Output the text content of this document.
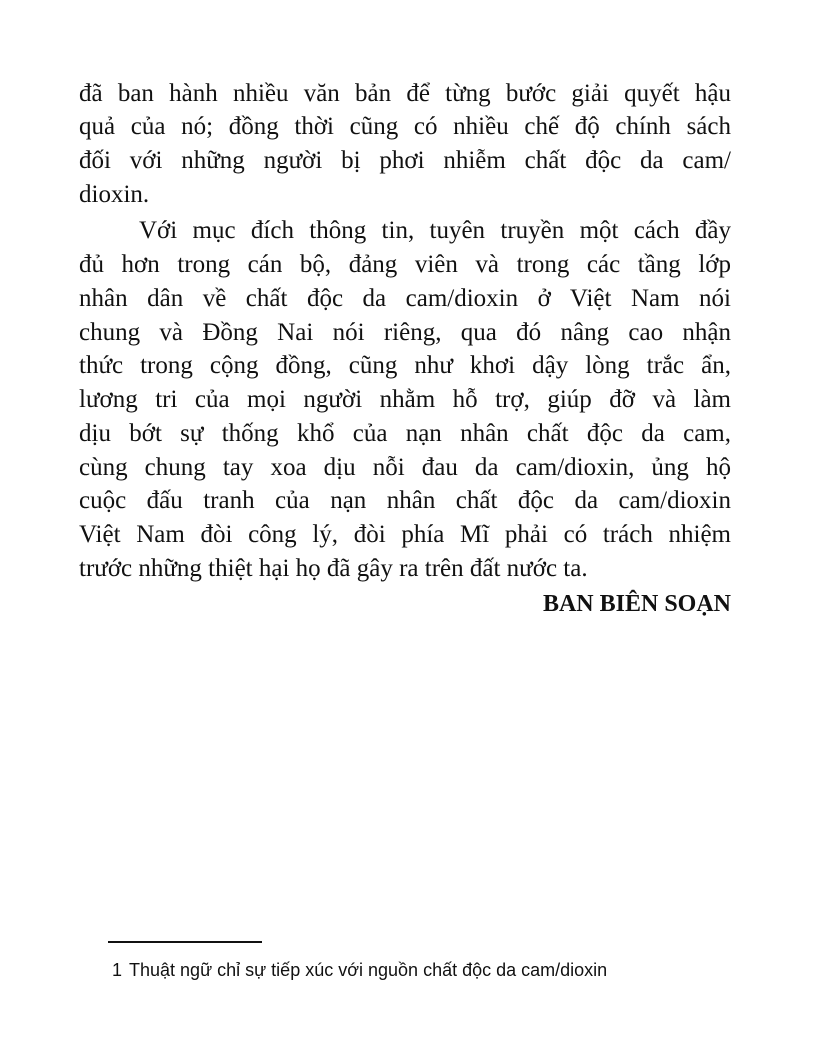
đã ban hành nhiều văn bản để từng bước giải quyết hậu
quả của nó; đồng thời cũng có nhiều chế độ chính sách
đối với những người bị phơi nhiễm chất độc da cam/
dioxin.
Với mục đích thông tin, tuyên truyền một cách đầy
đủ hơn trong cán bộ, đảng viên và trong các tầng lớp
nhân dân về chất độc da cam/dioxin ở Việt Nam nói
chung và Đồng Nai nói riêng, qua đó nâng cao nhận
thức trong cộng đồng, cũng như khơi dậy lòng trắc ẩn,
lương tri của mọi người nhằm hỗ trợ, giúp đỡ và làm
dịu bớt sự thống khổ của nạn nhân chất độc da cam,
cùng chung tay xoa dịu nỗi đau da cam/dioxin, ủng hộ
cuộc đấu tranh của nạn nhân chất độc da cam/dioxin
Việt Nam đòi công lý, đòi phía Mĩ phải có trách nhiệm
trước những thiệt hại họ đã gây ra trên đất nước ta.
BAN BIÊN SOẠN
1 Thuật ngữ chỉ sự tiếp xúc với nguồn chất độc da cam/dioxin
